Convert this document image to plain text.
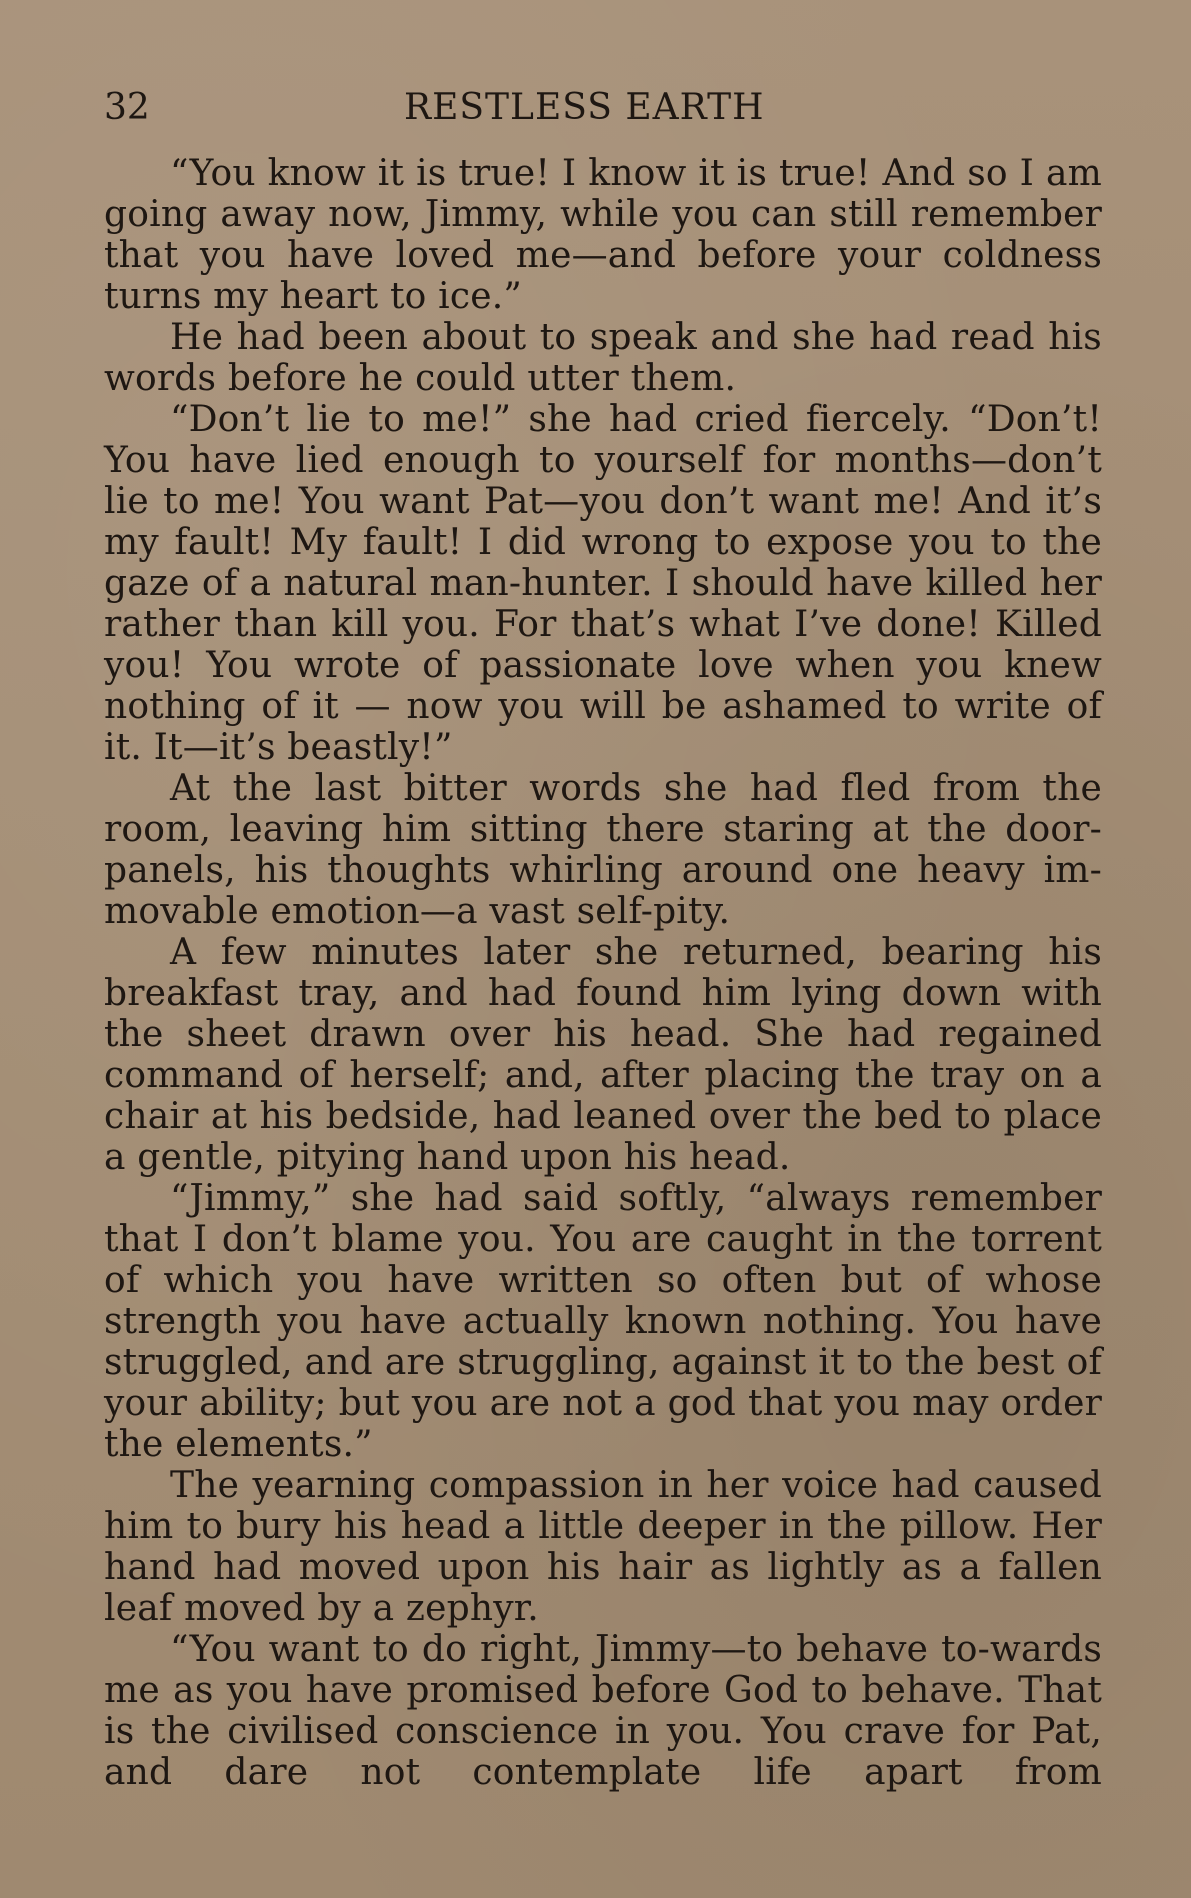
32	RESTLESS EARTH

“You know it is true! I know it is true! And so I am going away now, Jimmy, while you can still remember that you have loved me—and before your coldness turns my heart to ice.”

He had been about to speak and she had read his words before he could utter them.

“Don’t lie to me!” she had cried fiercely. “Don’t! You have lied enough to yourself for months—don’t lie to me! You want Pat—you don’t want me! And it’s my fault! My fault! I did wrong to expose you to the gaze of a natural man-hunter. I should have killed her rather than kill you. For that’s what I’ve done! Killed you! You wrote of passionate love when you knew nothing of it — now you will be ashamed to write of it. It—it’s beastly!”

At the last bitter words she had fled from the room, leaving him sitting there staring at the door-panels, his thoughts whirling around one heavy im-movable emotion—a vast self-pity.

A few minutes later she returned, bearing his breakfast tray, and had found him lying down with the sheet drawn over his head. She had regained command of herself; and, after placing the tray on a chair at his bedside, had leaned over the bed to place a gentle, pitying hand upon his head.

“Jimmy,” she had said softly, “always remember that I don’t blame you. You are caught in the torrent of which you have written so often but of whose strength you have actually known nothing. You have struggled, and are struggling, against it to the best of your ability; but you are not a god that you may order the elements.”

The yearning compassion in her voice had caused him to bury his head a little deeper in the pillow. Her hand had moved upon his hair as lightly as a fallen leaf moved by a zephyr.

“You want to do right, Jimmy—to behave to-wards me as you have promised before God to behave. That is the civilised conscience in you. You crave for Pat, and dare not contemplate life apart from
